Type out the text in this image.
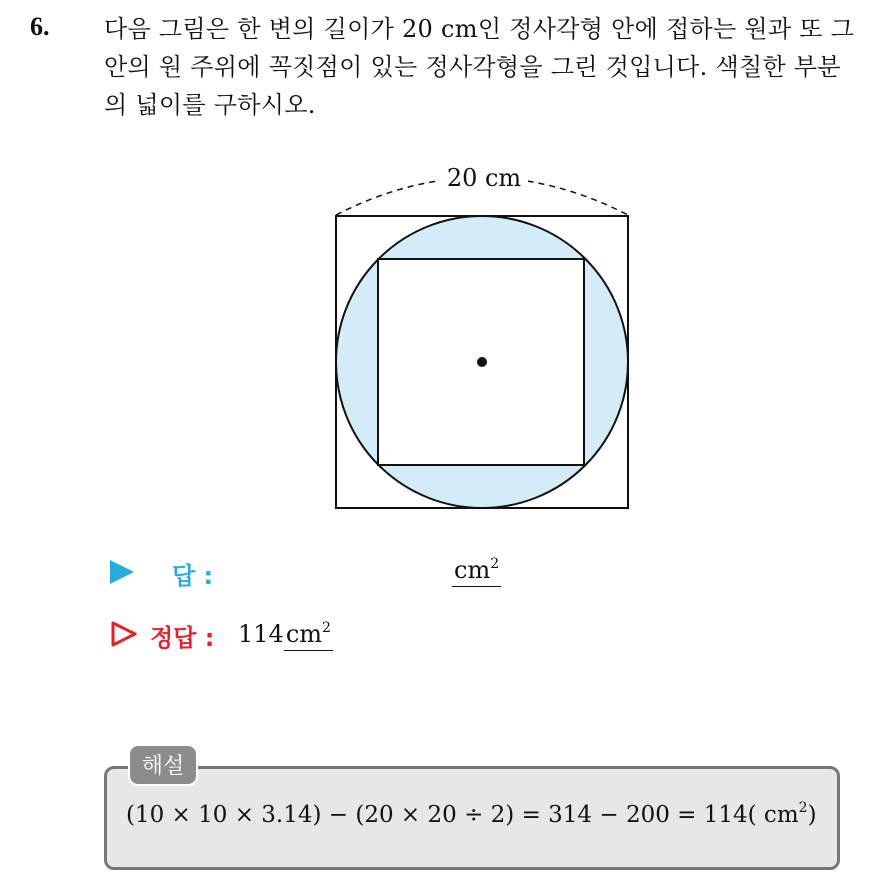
6. 다음 그림은 한 변의 길이가 20 cm인 정사각형 안에 접하는 원과 또 그 안의 원 주위에 꼭짓점이 있는 정사각형을 그린 것입니다. 색칠한 부분의 넓이를 구하시오.
20 cm
답 :	$cm^2$
정답 : $114cm^2$
해설
(10 × 10 × 3.14) − (20 × 20 ÷ 2) = 314 − 200 = 114( $cm^2$)
